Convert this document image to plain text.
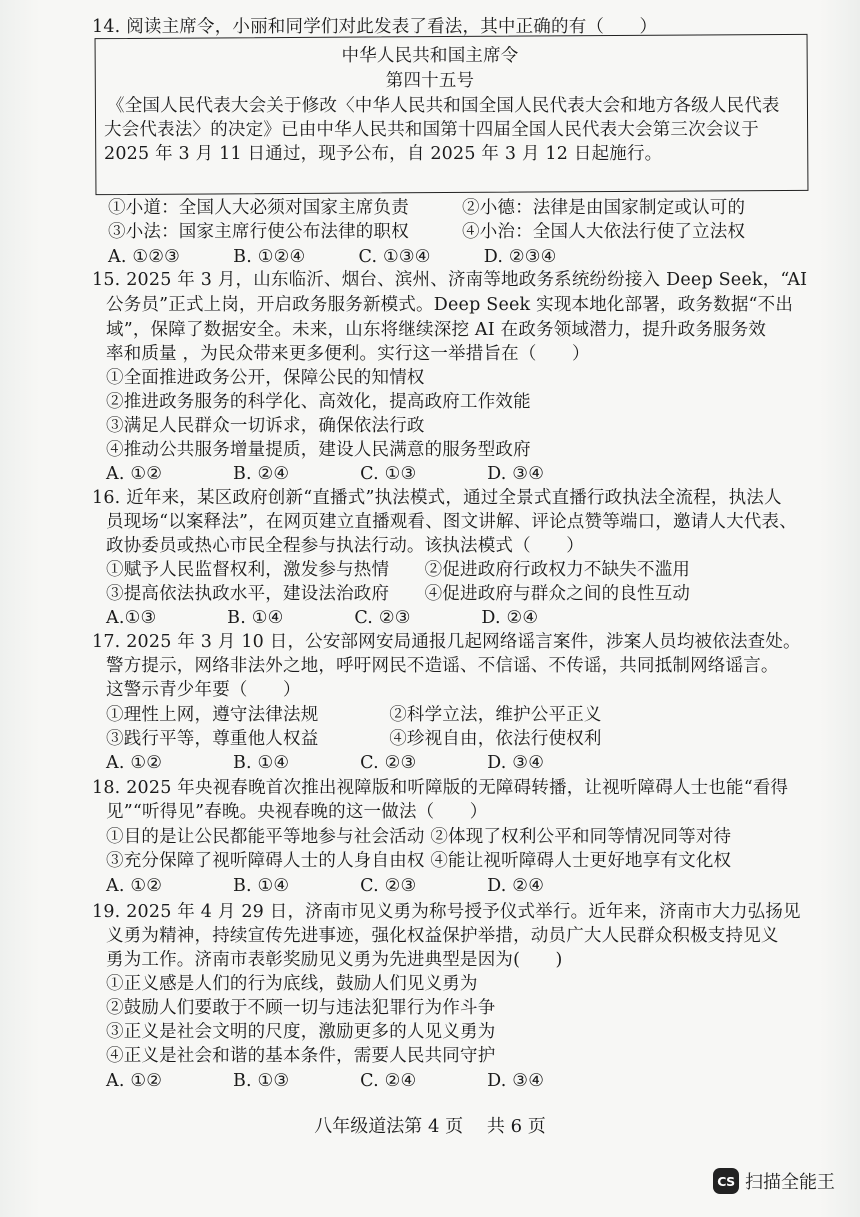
14. 阅读主席令，小丽和同学们对此发表了看法，其中正确的有（　　）
中华人民共和国主席令
第四十五号
《全国人民代表大会关于修改〈中华人民共和国全国人民代表大会和地方各级人民代表
大会代表法〉的决定》已由中华人民共和国第十四届全国人民代表大会第三次会议于
2025 年 3 月 11 日通过，现予公布，自 2025 年 3 月 12 日起施行。
①小道：全国人大必须对国家主席负责　　　②小德：法律是由国家制定或认可的
③小法：国家主席行使公布法律的职权　　　④小治：全国人大依法行使了立法权
A. ①②③　　　B. ①②④　　　C. ①③④　　　D. ②③④
15. 2025 年 3 月，山东临沂、烟台、滨州、济南等地政务系统纷纷接入 Deep Seek，“AI
公务员”正式上岗，开启政务服务新模式。Deep Seek 实现本地化部署，政务数据“不出
域”，保障了数据安全。未来，山东将继续深挖 AI 在政务领域潜力，提升政务服务效
率和质量 ，为民众带来更多便利。实行这一举措旨在（　　）
①全面推进政务公开，保障公民的知情权
②推进政务服务的科学化、高效化，提高政府工作效能
③满足人民群众一切诉求，确保依法行政
④推动公共服务增量提质，建设人民满意的服务型政府
A. ①②　　　　B. ②④　　　　C. ①③　　　　D. ③④
16. 近年来，某区政府创新“直播式”执法模式，通过全景式直播行政执法全流程，执法人
员现场“以案释法”，在网页建立直播观看、图文讲解、评论点赞等端口，邀请人大代表、
政协委员或热心市民全程参与执法行动。该执法模式（　　）
①赋予人民监督权利，激发参与热情　　②促进政府行政权力不缺失不滥用
③提高依法执政水平，建设法治政府　　④促进政府与群众之间的良性互动
A.①③　　　　B. ①④　　　　C. ②③　　　　D. ②④
17. 2025 年 3 月 10 日，公安部网安局通报几起网络谣言案件，涉案人员均被依法查处。
警方提示，网络非法外之地，呼吁网民不造谣、不信谣、不传谣，共同抵制网络谣言。
这警示青少年要（　　）
①理性上网，遵守法律法规　　　　②科学立法，维护公平正义
③践行平等，尊重他人权益　　　　④珍视自由，依法行使权利
A. ①②　　　　B. ①④　　　　C. ②③　　　　D. ③④
18. 2025 年央视春晚首次推出视障版和听障版的无障碍转播，让视听障碍人士也能“看得
见”“听得见”春晚。央视春晚的这一做法（　　）
①目的是让公民都能平等地参与社会活动 ②体现了权利公平和同等情况同等对待
③充分保障了视听障碍人士的人身自由权 ④能让视听障碍人士更好地享有文化权
A. ①②　　　　B. ①④　　　　C. ②③　　　　D. ②④
19. 2025 年 4 月 29 日，济南市见义勇为称号授予仪式举行。近年来，济南市大力弘扬见
义勇为精神，持续宣传先进事迹，强化权益保护举措，动员广大人民群众积极支持见义
勇为工作。济南市表彰奖励见义勇为先进典型是因为(　　)
①正义感是人们的行为底线，鼓励人们见义勇为
②鼓励人们要敢于不顾一切与违法犯罪行为作斗争
③正义是社会文明的尺度，激励更多的人见义勇为
④正义是社会和谐的基本条件，需要人民共同守护
A. ①②　　　　B. ①③　　　　C. ②④　　　　D. ③④
八年级道法第 4 页　 共 6 页
CS 扫描全能王
